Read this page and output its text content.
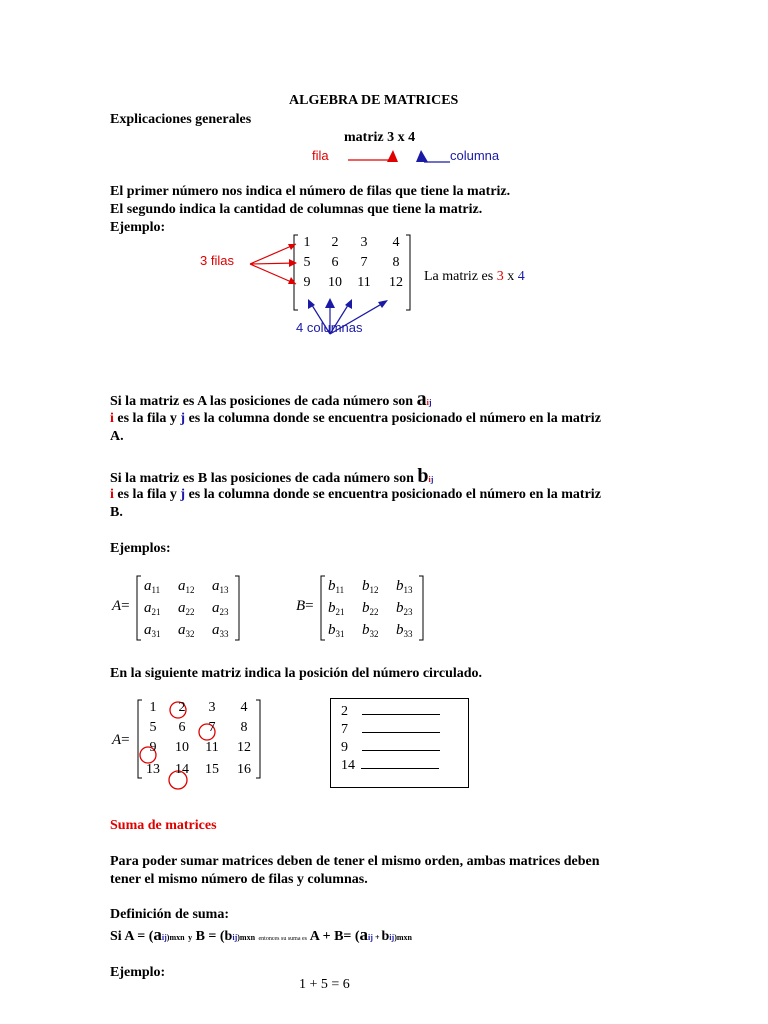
ALGEBRA DE MATRICES
Explicaciones generales
matriz 3 x 4
fila	columna
El primer número nos indica el número de filas que tiene la matriz.
El segundo indica la cantidad de columnas que tiene la matriz.
Ejemplo:
3 filas
1	2	3	4
5	6	7	8
9	10	11	12
4 columnas
La matriz es 3 x 4
Si la matriz es A las posiciones de cada número son aij
i es la fila y j es la columna donde se encuentra posicionado el número en la matriz
A.
Si la matriz es B las posiciones de cada número son bij
i es la fila y j es la columna donde se encuentra posicionado el número en la matriz
B.
Ejemplos:
A=
$a_{11}$ $a_{12}$ $a_{13}$
$a_{21}$ $a_{22}$ $a_{23}$
$a_{31}$ $a_{32}$ $a_{33}$
B=
$b_{11}$ $b_{12}$ $b_{13}$
$b_{21}$ $b_{22}$ $b_{23}$
$b_{31}$ $b_{32}$ $b_{33}$
En la siguiente matriz indica la posición del número circulado.
A=
1	2	3	4
5	6	7	8
9	10	11	12
13	14	15	16
2
7
9
14
Suma de matrices
Para poder sumar matrices deben de tener el mismo orden, ambas matrices deben
tener el mismo número de filas y columnas.
Definición de suma:
Si A = (aij)mxn y B = (bij)mxn entonces su suma es A + B= (aij + bij)mxn
Ejemplo:
1 + 5 = 6
